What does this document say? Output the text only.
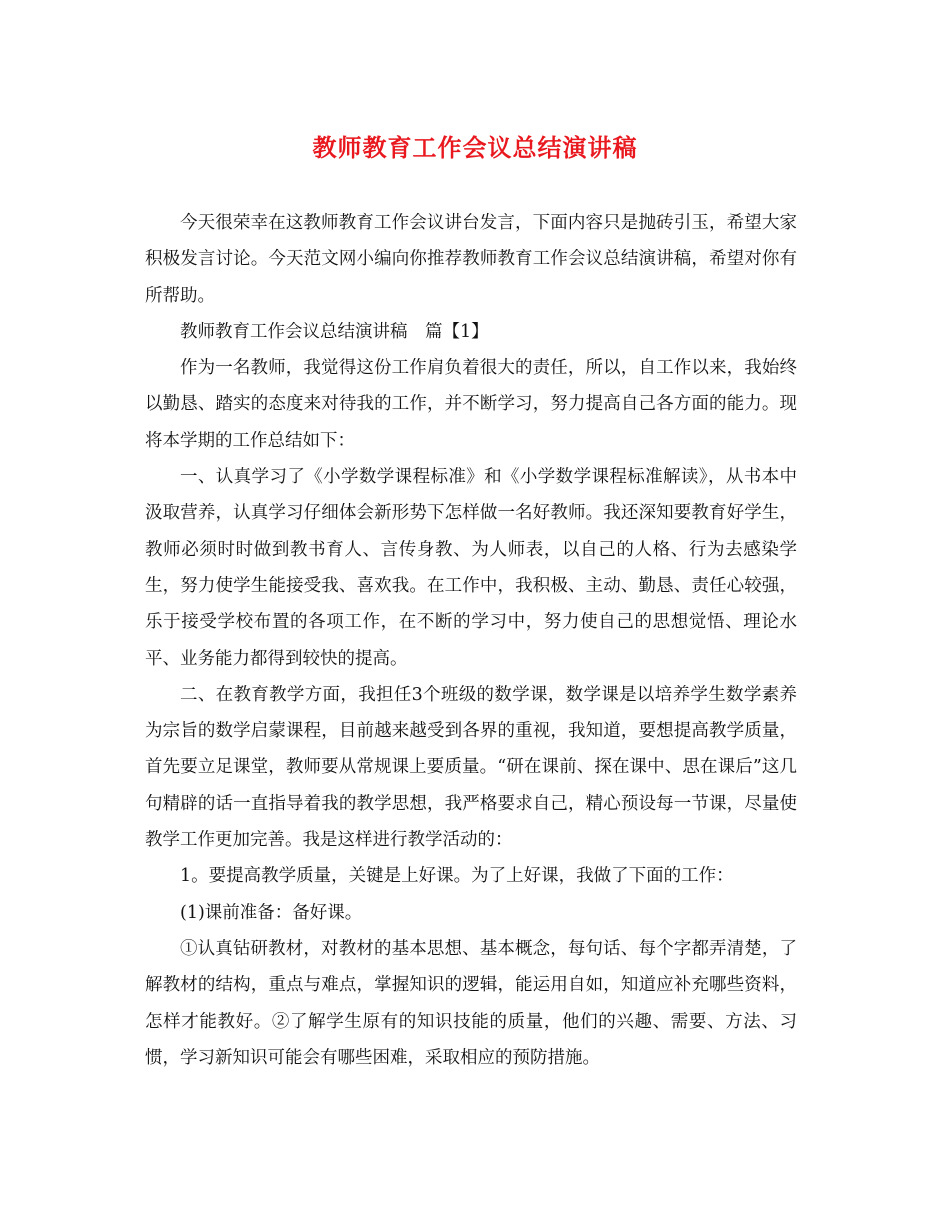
教师教育工作会议总结演讲稿

今天很荣幸在这教师教育工作会议讲台发言，下面内容只是抛砖引玉，希望大家积极发言讨论。今天范文网小编向你推荐教师教育工作会议总结演讲稿，希望对你有所帮助。

教师教育工作会议总结演讲稿　篇【1】

作为一名教师，我觉得这份工作肩负着很大的责任，所以，自工作以来，我始终以勤恳、踏实的态度来对待我的工作，并不断学习，努力提高自己各方面的能力。现将本学期的工作总结如下：

一、认真学习了《小学数学课程标准》和《小学数学课程标准解读》，从书本中汲取营养，认真学习仔细体会新形势下怎样做一名好教师。我还深知要教育好学生，教师必须时时做到教书育人、言传身教、为人师表，以自己的人格、行为去感染学生，努力使学生能接受我、喜欢我。在工作中，我积极、主动、勤恳、责任心较强，乐于接受学校布置的各项工作，在不断的学习中，努力使自己的思想觉悟、理论水平、业务能力都得到较快的提高。

二、在教育教学方面，我担任3个班级的数学课，数学课是以培养学生数学素养为宗旨的数学启蒙课程，目前越来越受到各界的重视，我知道，要想提高教学质量，首先要立足课堂，教师要从常规课上要质量。“研在课前、探在课中、思在课后”这几句精辟的话一直指导着我的教学思想，我严格要求自己，精心预设每一节课，尽量使教学工作更加完善。我是这样进行教学活动的：

1。要提高教学质量，关键是上好课。为了上好课，我做了下面的工作：

(1)课前准备：备好课。

①认真钻研教材，对教材的基本思想、基本概念，每句话、每个字都弄清楚，了解教材的结构，重点与难点，掌握知识的逻辑，能运用自如，知道应补充哪些资料，怎样才能教好。②了解学生原有的知识技能的质量，他们的兴趣、需要、方法、习惯，学习新知识可能会有哪些困难，采取相应的预防措施。
